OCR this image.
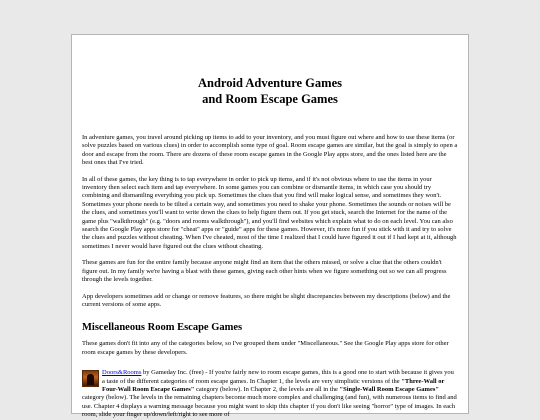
Android Adventure Games
and Room Escape Games

In adventure games, you travel around picking up items to add to your inventory, and you must figure out where and how to use these items (or solve puzzles based on various clues) in order to accomplish some type of goal. Room escape games are similar, but the goal is simply to open a door and escape from the room. There are dozens of these room escape games in the Google Play apps store, and the ones listed here are the best ones that I've tried.

In all of these games, the key thing is to tap everywhere in order to pick up items, and if it's not obvious where to use the items in your inventory then select each item and tap everywhere. In some games you can combine or dismantle items, in which case you should try combining and dismantling everything you pick up. Sometimes the clues that you find will make logical sense, and sometimes they won't. Sometimes your phone needs to be tilted a certain way, and sometimes you need to shake your phone. Sometimes the sounds or noises will be the clues, and sometimes you'll want to write down the clues to help figure them out. If you get stuck, search the Internet for the name of the game plus "walkthrough" (e.g. "doors and rooms walkthrough"), and you'll find websites which explain what to do on each level. You can also search the Google Play apps store for "cheat" apps or "guide" apps for these games. However, it's more fun if you stick with it and try to solve the clues and puzzles without cheating. When I've cheated, most of the time I realized that I could have figured it out if I had kept at it, although sometimes I never would have figured out the clues without cheating.

These games are fun for the entire family because anyone might find an item that the others missed, or solve a clue that the others couldn't figure out. In my family we're having a blast with these games, giving each other hints when we figure something out so we can all progress through the levels together.

App developers sometimes add or change or remove features, so there might be slight discrepancies between my descriptions (below) and the current versions of some apps.

Miscellaneous Room Escape Games

These games don't fit into any of the categories below, so I've grouped them under "Miscellaneous." See the Google Play apps store for other room escape games by these developers.

Doors&Rooms by Gameday Inc. (free) - If you're fairly new to room escape games, this is a good one to start with because it gives you a taste of the different categories of room escape games. In Chapter 1, the levels are very simplistic versions of the "Three-Wall or Four-Wall Room Escape Games" category (below). In Chapter 2, the levels are all in the "Single-Wall Room Escape Games" category (below). The levels in the remaining chapters become much more complex and challenging (and fun), with numerous items to find and use. Chapter 4 displays a warning message because you might want to skip this chapter if you don't like seeing "horror" type of images. In each room, slide your finger up/down/left/right to see more of
